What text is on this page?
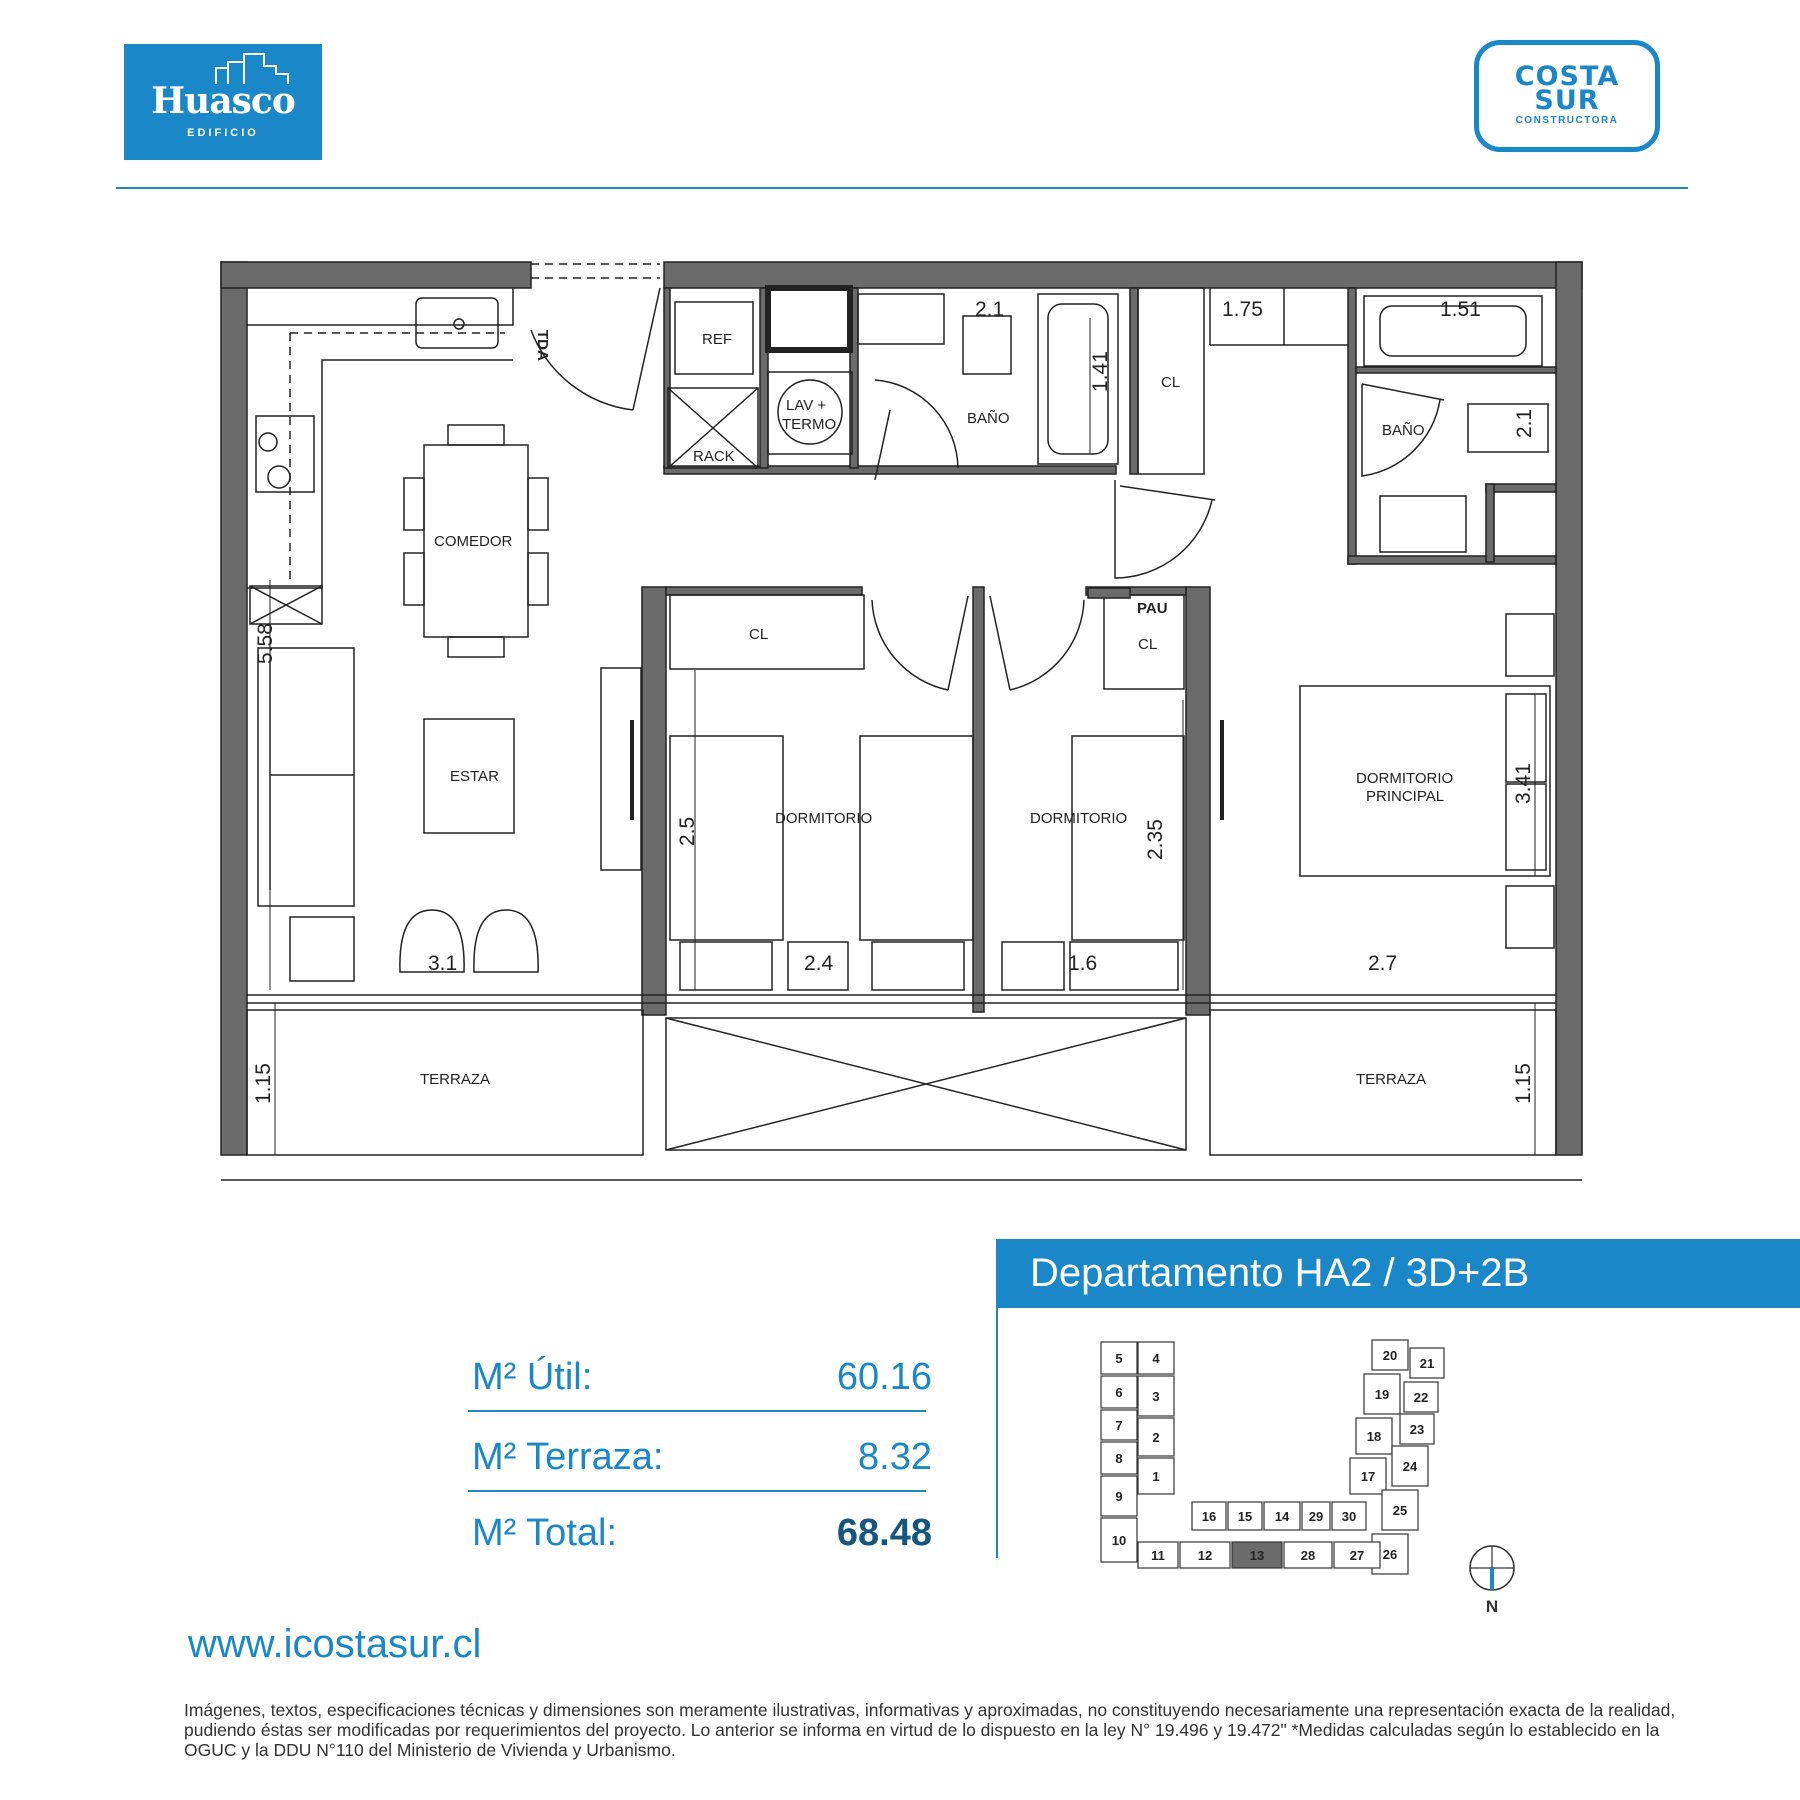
Huasco
EDIFICIO
COSTA
SUR
CONSTRUCTORA
TDA	REF
RACK
LAV +
TERMO	BAÑO
CL
BAÑO
COMEDOR
ESTAR
CL
PAU
CL
DORMITORIO	DORMITORIO
DORMITORIO
PRINCIPAL
TERRAZA	TERRAZA
2.1	1.75	1.51
1.41
2.1
5.58
2.5	2.35
3.41
3.1	2.4	1.6	2.7
1.15	1.15
Departamento HA2 / 3D+2B
M² Útil:	60.16
M² Terraza:	8.32
M² Total:	68.48
1
2
3
4
5
6
7
8
9
10
11	12	13
14
15
16
17
18
19
20
21
22
23
24
25
26
27
28
29 30
N
www.icostasur.cl
Imágenes, textos, especificaciones técnicas y dimensiones son meramente ilustrativas, informativas y aproximadas, no constituyendo necesariamente una representación exacta de la realidad, pudiendo éstas ser modificadas por requerimientos del proyecto. Lo anterior se informa en virtud de lo dispuesto en la ley N° 19.496 y 19.472" *Medidas calculadas según lo establecido en la OGUC y la DDU N°110 del Ministerio de Vivienda y Urbanismo.
